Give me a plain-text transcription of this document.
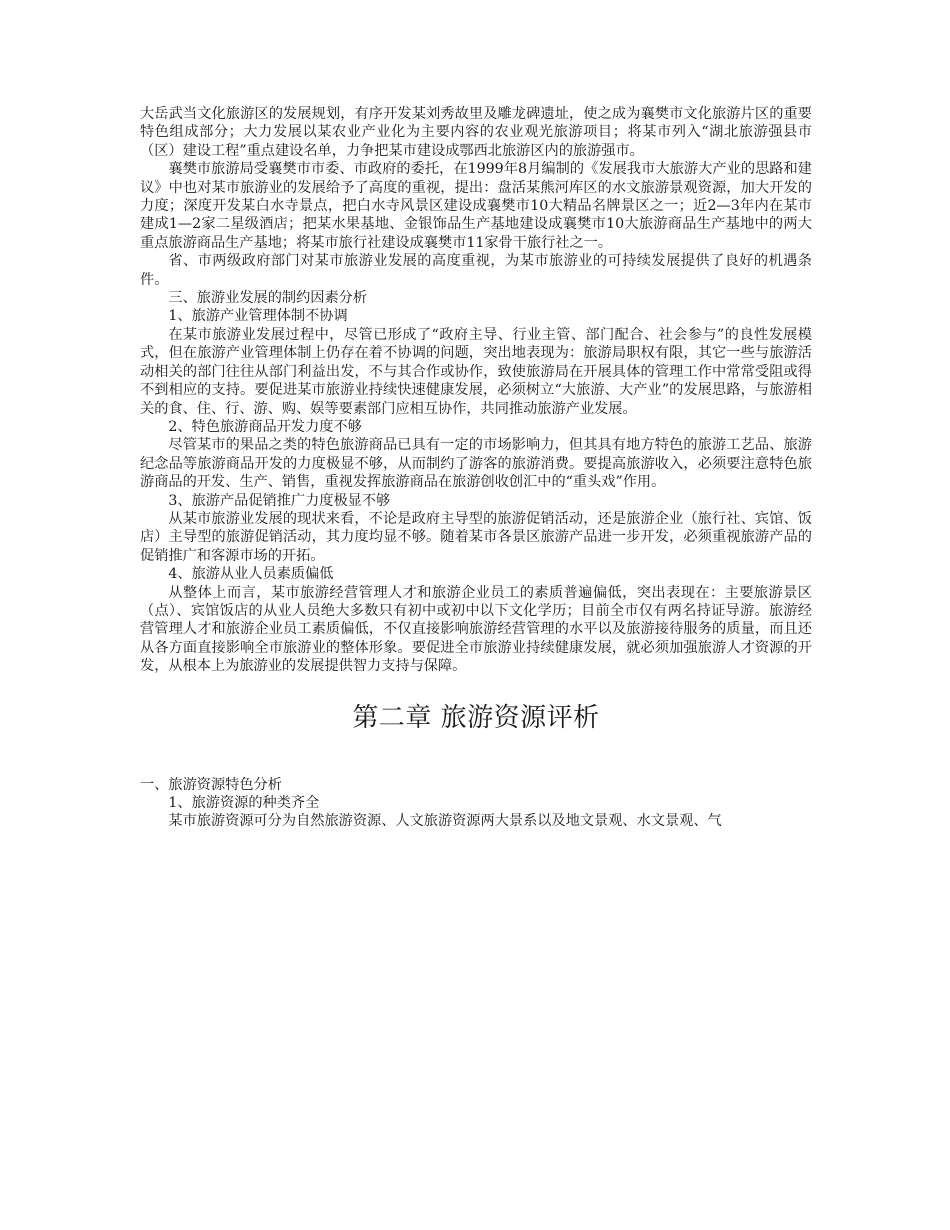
大岳武当文化旅游区的发展规划，有序开发某刘秀故里及雕龙碑遗址，使之成为襄樊市文化旅游片区的重要特色组成部分；大力发展以某农业产业化为主要内容的农业观光旅游项目；将某市列入“湖北旅游强县市（区）建设工程”重点建设名单，力争把某市建设成鄂西北旅游区内的旅游强市。

襄樊市旅游局受襄樊市市委、市政府的委托，在1999年8月编制的《发展我市大旅游大产业的思路和建议》中也对某市旅游业的发展给予了高度的重视，提出：盘活某熊河库区的水文旅游景观资源，加大开发的力度；深度开发某白水寺景点，把白水寺风景区建设成襄樊市10大精品名牌景区之一；近2—3年内在某市建成1—2家二星级酒店；把某水果基地、金银饰品生产基地建设成襄樊市10大旅游商品生产基地中的两大重点旅游商品生产基地；将某市旅行社建设成襄樊市11家骨干旅行社之一。

省、市两级政府部门对某市旅游业发展的高度重视，为某市旅游业的可持续发展提供了良好的机遇条件。

三、旅游业发展的制约因素分析

1、旅游产业管理体制不协调

在某市旅游业发展过程中，尽管已形成了“政府主导、行业主管、部门配合、社会参与”的良性发展模式，但在旅游产业管理体制上仍存在着不协调的问题，突出地表现为：旅游局职权有限，其它一些与旅游活动相关的部门往往从部门利益出发，不与其合作或协作，致使旅游局在开展具体的管理工作中常常受阻或得不到相应的支持。要促进某市旅游业持续快速健康发展，必须树立“大旅游、大产业”的发展思路，与旅游相关的食、住、行、游、购、娱等要素部门应相互协作，共同推动旅游产业发展。

2、特色旅游商品开发力度不够

尽管某市的果品之类的特色旅游商品已具有一定的市场影响力，但其具有地方特色的旅游工艺品、旅游纪念品等旅游商品开发的力度极显不够，从而制约了游客的旅游消费。要提高旅游收入，必须要注意特色旅游商品的开发、生产、销售，重视发挥旅游商品在旅游创收创汇中的“重头戏”作用。

3、旅游产品促销推广力度极显不够

从某市旅游业发展的现状来看，不论是政府主导型的旅游促销活动，还是旅游企业（旅行社、宾馆、饭店）主导型的旅游促销活动，其力度均显不够。随着某市各景区旅游产品进一步开发，必须重视旅游产品的促销推广和客源市场的开拓。

4、旅游从业人员素质偏低

从整体上而言，某市旅游经营管理人才和旅游企业员工的素质普遍偏低，突出表现在：主要旅游景区（点）、宾馆饭店的从业人员绝大多数只有初中或初中以下文化学历；目前全市仅有两名持证导游。旅游经营管理人才和旅游企业员工素质偏低，不仅直接影响旅游经营管理的水平以及旅游接待服务的质量，而且还从各方面直接影响全市旅游业的整体形象。要促进全市旅游业持续健康发展，就必须加强旅游人才资源的开发，从根本上为旅游业的发展提供智力支持与保障。

第二章 旅游资源评析

一、旅游资源特色分析

1、旅游资源的种类齐全

某市旅游资源可分为自然旅游资源、人文旅游资源两大景系以及地文景观、水文景观、气
